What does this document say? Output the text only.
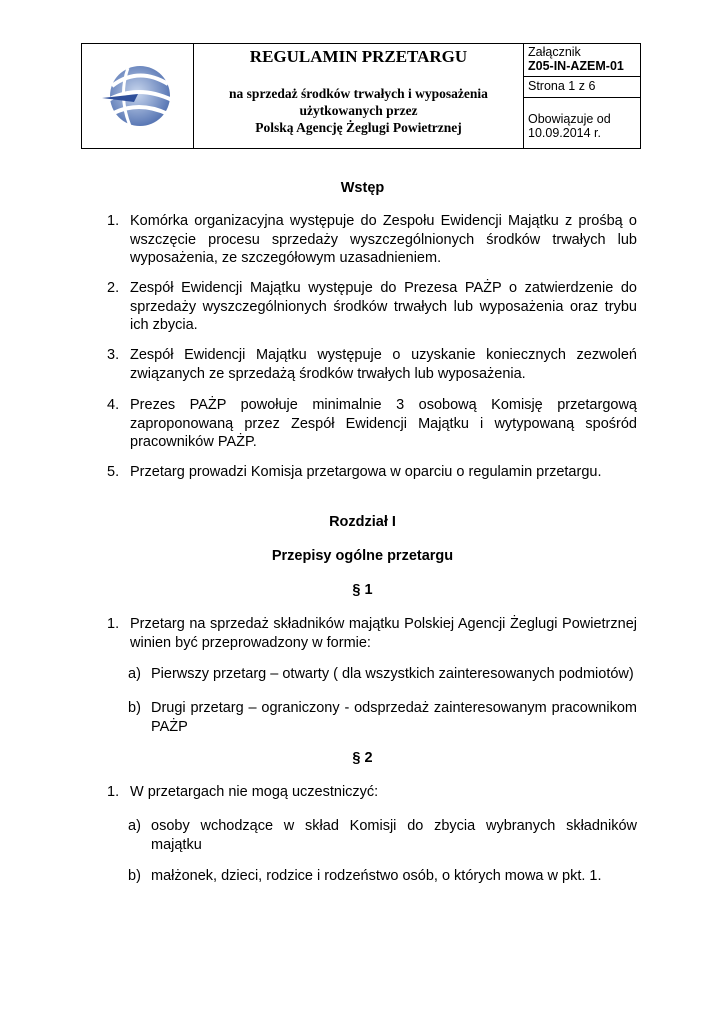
REGULAMIN PRZETARGU
na sprzedaż środków trwałych i wyposażenia
użytkowanych przez
Polską Agencję Żeglugi Powietrznej
Załącznik
Z05-IN-AZEM-01
Strona 1 z 6
Obowiązuje od
10.09.2014 r.
Wstęp
1. Komórka organizacyjna występuje do Zespołu Ewidencji Majątku z prośbą o wszczęcie procesu sprzedaży wyszczególnionych środków trwałych lub wyposażenia, ze szczegółowym uzasadnieniem.
2. Zespół Ewidencji Majątku występuje do Prezesa PAŻP o zatwierdzenie do sprzedaży wyszczególnionych środków trwałych lub wyposażenia oraz trybu ich zbycia.
3. Zespół Ewidencji Majątku występuje o uzyskanie koniecznych zezwoleń związanych ze sprzedażą środków trwałych lub wyposażenia.
4. Prezes PAŻP powołuje minimalnie 3 osobową Komisję przetargową zaproponowaną przez Zespół Ewidencji Majątku i wytypowaną spośród pracowników PAŻP.
5. Przetarg prowadzi Komisja przetargowa w oparciu o regulamin przetargu.
Rozdział I
Przepisy ogólne przetargu
§ 1
1. Przetarg na sprzedaż składników majątku Polskiej Agencji Żeglugi Powietrznej winien być przeprowadzony w formie:
a) Pierwszy przetarg – otwarty ( dla wszystkich zainteresowanych podmiotów)
b) Drugi przetarg – ograniczony - odsprzedaż zainteresowanym pracownikom PAŻP
§ 2
1. W przetargach nie mogą uczestniczyć:
a) osoby wchodzące w skład Komisji do zbycia wybranych składników majątku
b) małżonek, dzieci, rodzice i rodzeństwo osób, o których mowa w pkt. 1.
